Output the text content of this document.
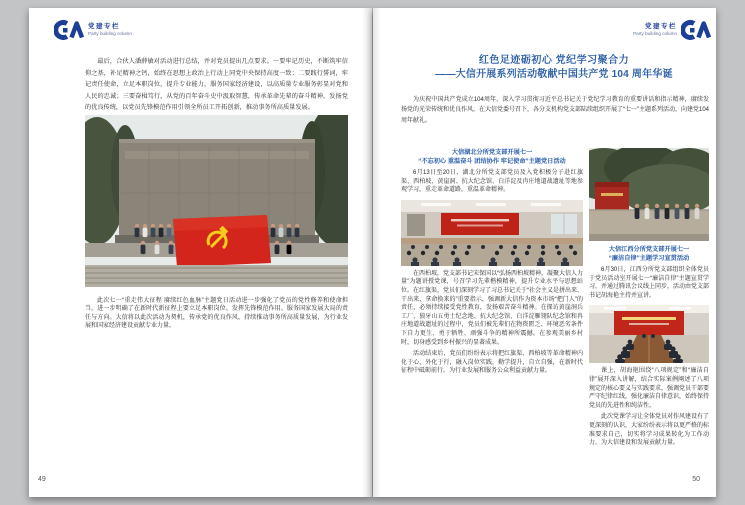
党建专栏
Party building column

最后，合伙人潘薛敏对活动进行总结，并对党员提出几点要求。一要牢记历史，不断筑牢信仰之基，补足精神之钙，始终在思想上政治上行动上同党中央保持高度一致；二要践行誓词，牢记责任使命，立足本职岗位，提升专业能力，服务国家经济建设，以高质量专业服务彰显对党和人民的忠诚；三要奋楫笃行，从党的百年奋斗史中汲取智慧，传承革命先辈的奋斗精神，发扬党的优良传统，以党员先锋模范作用引领全所员工开拓创新，推动事务所高质量发展。

此次七一“重走伟大征程 赓续红色血脉”主题党日活动进一步强化了党员的党性修养和使命担当，进一步明确了在新时代新征程上要立足本职岗位、发挥先锋模范作用、服务国家发展大局的责任与方向。大信将以此次活动为契机，传承党的优良作风，持续推动事务所高质量发展，为行业发展和国家经济建设贡献专业力量。

49
党建专栏
Party building column
红色足迹砺初心 党纪学习聚合力
——大信开展系列活动敬献中国共产党 104 周年华诞

为庆祝中国共产党成立104周年，深入学习贯彻习近平总书记关于党纪学习教育的重要讲话和指示精神，赓续发扬党的光荣传统和优良作风，在大信党委号召下，各分支机构党支部陆续组织开展了“七一”主题系列活动，向建党104周年献礼。

大信湖北分所党支部开展七一
“不忘初心 重温奋斗 团结协作 牢记使命”主题党日活动

6月13日至20日，湖北分所党支部党员及入党积极分子赴红旗渠、西柏坡、黄崖洞、抗大纪念馆、白洋淀及冉庄地道战遗址等地参观学习，重走革命道路，重温革命精神。

在西柏坡，党支部书记宋保国以“弘扬西柏坡精神，凝聚大信人力量”为题讲授党课，号召学习先辈楷模精神，提升专业水平与思想站位。在红旗渠，党员们深刻学习了习总书记关于“社会主义是拼出来、干出来、拿命换来的”重要指示，强调新大信作为资本市场“把门人”的责任，必须持续接受党性教育，发扬艰苦奋斗精神。在探访黄崖洞兵工厂、狼牙山五勇士纪念地、抗大纪念馆、白洋淀雁翎队纪念馆和冉庄地道战遗址的过程中，党员们被先辈们在物资匮乏、环境恶劣条件下自力更生、勇于牺牲、顽强斗争的精神所震撼。在参观美丽乡村时，切身感受到乡村振兴的显著成果。

活动结束后，党员们纷纷表示将把红旗渠、西柏坡等革命精神内化于心、外化于行，融入岗位实践，勤学提升，自立自强，在新时代征程中砥砺前行，为行业发展和服务公众利益贡献力量。

大信江西分所党支部开展七一
“廉洁自律”主题学习宣贯活动

6月30日，江西分所党支部组织全体党员于党员活动室开展七一“廉洁自律”主题宣贯学习，并通过腾讯会议线上同步，活动由党支部书记胡海艳主持并宣讲。

课上，胡海艳围绕“八项规定”和“廉洁自律”展开深入讲解，结合实际案例阐述了八项规定的核心要义与实践要求，强调党员干部要严守纪律红线，强化廉洁自律意识，始终保持党员的先进性和纯洁性。

此次党课学习让全体党员对作风建设有了更深刻的认识，大家纷纷表示将以更严格的标准要求自己，切实将学习成果转化为工作动力，为大信建设和发展贡献力量。

50
